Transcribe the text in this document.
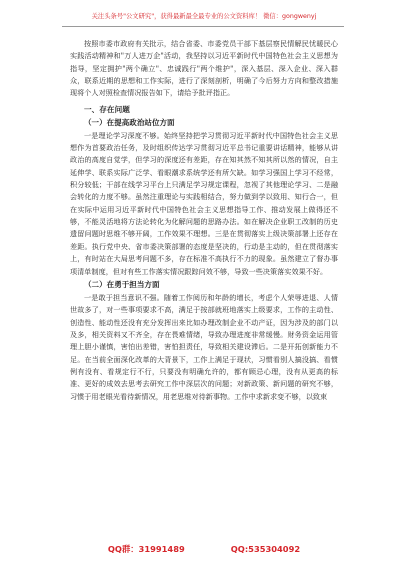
关注头条号"公文研究"，获得最新最全最专业的公文资料库！ 微信：gongwenyj

按照市委市政府有关批示，结合省委、市委党员干部下基层察民情解民忧暖民心实践活动精神和"万人进万企"活动，我坚持以习近平新时代中国特色社会主义思想为指导，坚定拥护"两个确立"、忠诚践行"两个维护"，深入基层、深入企业、深入群众，联系近期的思想和工作实际，进行了深刻剖析，明确了今后努力方向和整改措施现将个人对照检查情况报告如下，请给予批评指正。

一、存在问题

（一）在提高政治站位方面

一是理论学习深度不够。始终坚持把学习贯彻习近平新时代中国特色社会主义思想作为首要政治任务，及时组织传达学习贯彻习近平总书记重要讲话精神，能够从讲政治的高度自觉学，但学习的深度还有差距，存在知其然不知其所以然的情况，自主延伸学、联系实际广泛学、看眼潮求系统学还有所欠缺。如学习强国上学习不经常，积分较低；干部在线学习平台上只满足学习规定课程，忽视了其他理论学习、二是融会转化的力度不够。虽然注重理论与实践相结合，努力做到学以致用、知行合一，但在实际中运用习近平新时代中国特色社会主义思想指导工作、推动发展上做得还不够，不能灵活地将方法论转化为化解问题的思路办法。如在解决企业职工改制的历史遗留问题时思维不够开阔，工作效果不理想。三是在贯彻落实上级决策部署上还存在差距。执行党中央、省市委决策部署的态度是坚决的，行动是主动的，但在贯彻落实上，有时站在大局思考问题不多，存在标准不高执行不力的现象。虽然建立了督办事项清单制度，但对有些工作落实情况跟踪问效不够，导致一些决策落实效果不好。

（二）在勇于担当方面

一是敢于担当意识不强。随着工作阅历和年龄的增长，考虑个人荣辱进退、人情世故多了，对一些事项要求不高，满足于按部就班地落实上级要求，工作的主动性、创造性、能动性还没有充分发挥出来比如办理改制企业不动产证，因为涉及的部门以及多，相关资料又不齐全，存在畏难情绪，导致办理进度非常缓慢。财务资金运用管理上胆小谨慎，害怕出差错，害怕担责任，导致相关建设滞后。二是开拓创新能力不足。在当前全面深化改革的大背景下，工作上满足于现状，习惯看别人搞没搞、看惯例有没有、看规定行不行，只要没有明确允许的，都有顾忌心理，没有从更高的标准、更好的成效去思考去研究工作中深层次的问题；对新政策、新问题的研究不够，习惯于用老眼光看待新情况，用老思维对待新事物。工作中求新求变不够，以致束

QQ群：31991489	QQ:535304092
